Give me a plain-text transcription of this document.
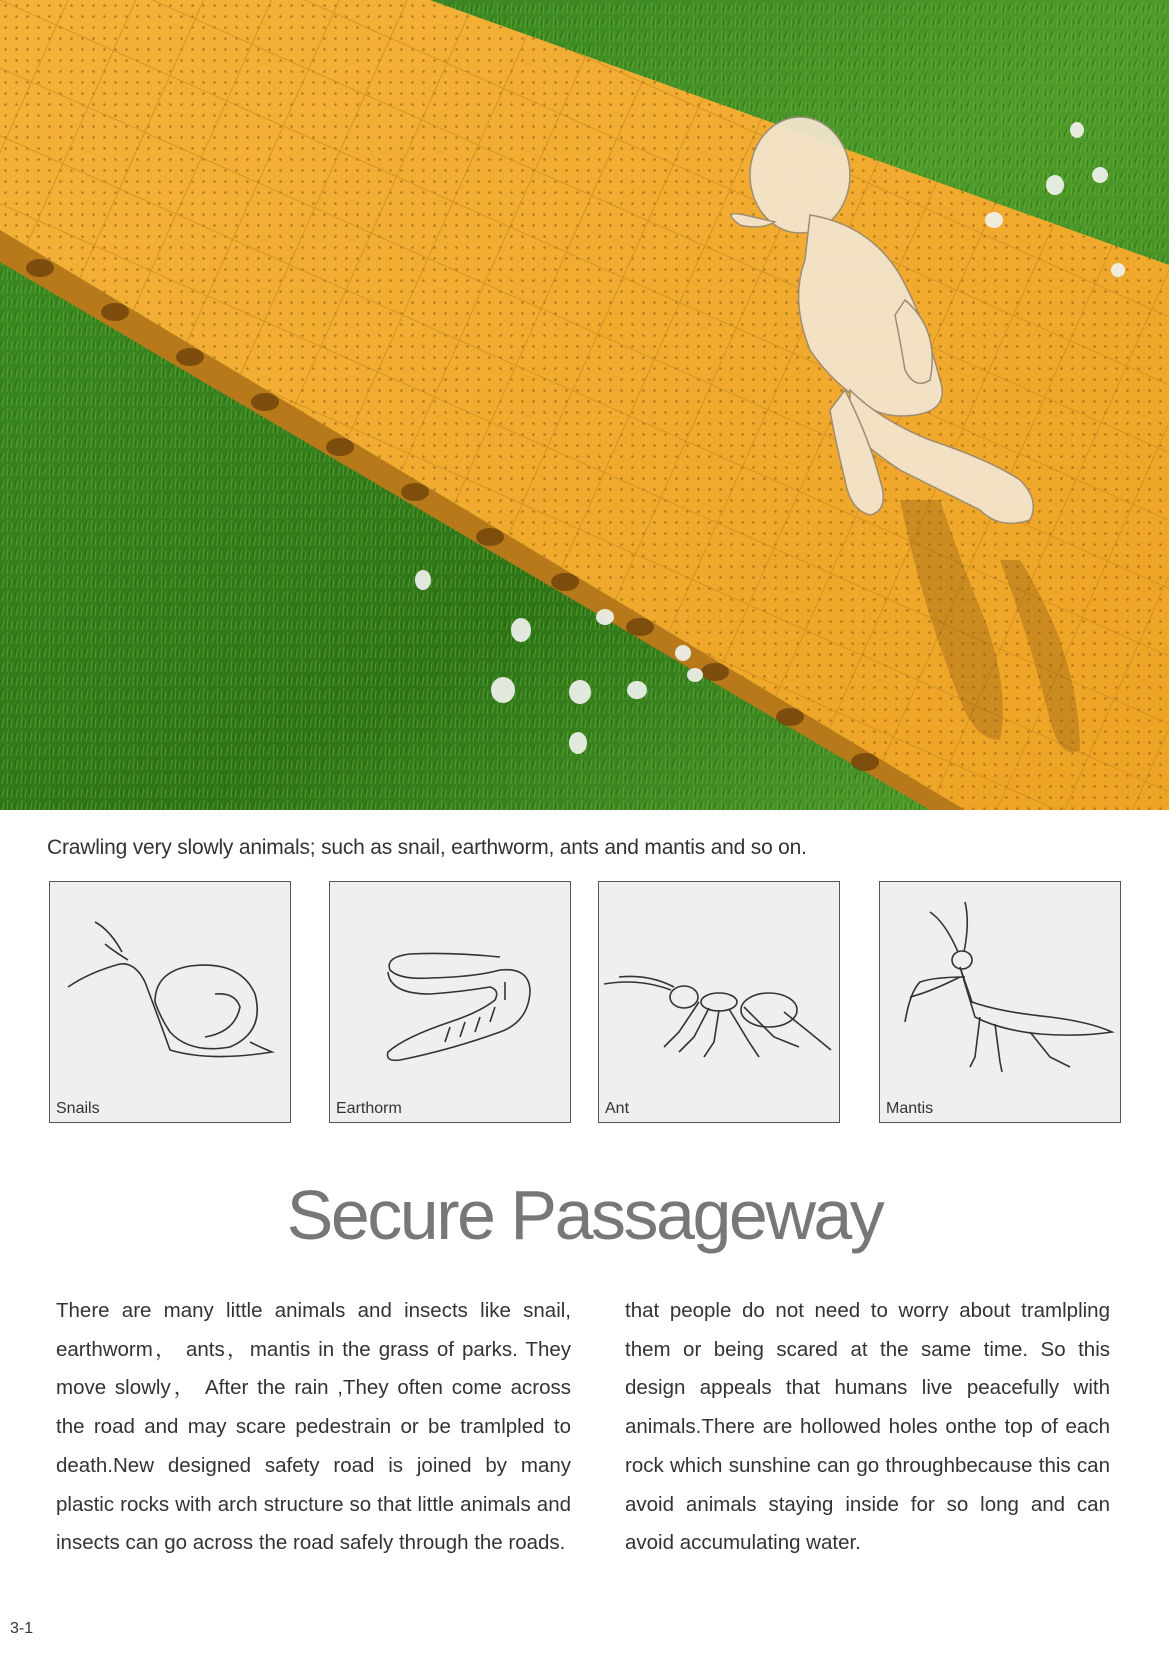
Crawling very slowly animals; such as snail, earthworm, ants and mantis and so on.
Snails	Earthorm	Ant	Mantis
Secure Passageway
There are many little animals and insects like snail, earthworm， ants，mantis in the grass of parks. They move slowly， After the rain ,They often come across the road and may scare pedestrain or be tramlpled to death.New designed safety road is joined by many plastic rocks with arch structure so that little animals and insects can go across the road safely through the roads.
that people do not need to worry about tramlpling them or being scared at the same time. So this design appeals that humans live peacefully with animals.There are hollowed holes onthe top of each rock which sunshine can go throughbecause this can avoid animals staying inside for so long and can avoid accumulating water.
3-1
